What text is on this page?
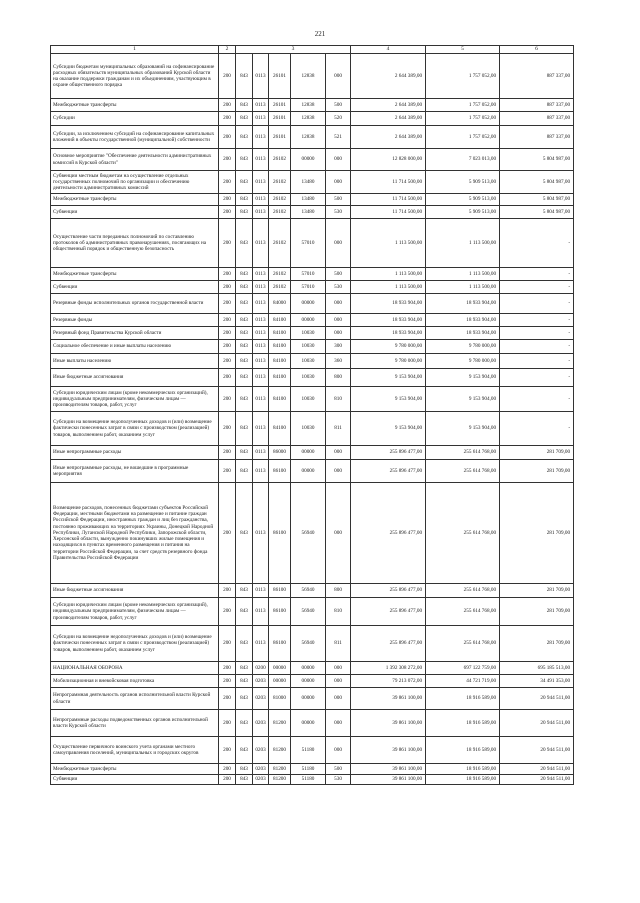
221
1	2	3					4	5	6
Субсидии бюджетам муниципальных образований на софинансирование расходных обязательств муниципальных образований Курской области на оказание поддержки гражданам и их объединениям, участвующим в охране общественного порядка	200	843	0113	26101	12838	000	2 644 389,00	1 757 052,00	887 337,00
Межбюджетные трансферты	200	843	0113	26101	12838	500	2 644 389,00	1 757 052,00	887 337,00
Субсидии	200	843	0113	26101	12838	520	2 644 389,00	1 757 052,00	887 337,00
Субсидии, за исключением субсидий на софинансирование капитальных вложений в объекты государственной (муниципальной) собственности	200	843	0113	26101	12838	521	2 644 389,00	1 757 052,00	887 337,00
Основное мероприятие "Обеспечение деятельности административных комиссий в Курской области"	200	843	0113	26102	00000	000	12 828 000,00	7 023 013,00	5 804 987,00
Субвенции местным бюджетам на осуществление отдельных государственных полномочий по организации и обеспечению деятельности административных комиссий	200	843	0113	26102	13480	000	11 714 500,00	5 909 513,00	5 804 987,00
Межбюджетные трансферты	200	843	0113	26102	13480	500	11 714 500,00	5 909 513,00	5 804 987,00
Субвенции	200	843	0113	26102	13480	530	11 714 500,00	5 909 513,00	5 804 987,00
Осуществление части переданных полномочий по составлению протоколов об административных правонарушениях, посягающих на общественный порядок и общественную безопасность	200	843	0113	26102	57010	000	1 113 500,00	1 113 500,00	-
Межбюджетные трансферты	200	843	0113	26102	57010	500	1 113 500,00	1 113 500,00	-
Субвенции	200	843	0113	26102	57010	530	1 113 500,00	1 113 500,00	-
Резервные фонды исполнительных органов государственной власти	200	843	0113	84000	00000	000	18 933 904,00	18 933 904,00	-
Резервные фонды	200	843	0113	84100	00000	000	18 933 904,00	18 933 904,00	-
Резервный фонд Правительства Курской области	200	843	0113	84100	10030	000	18 933 904,00	18 933 904,00	-
Социальное обеспечение и иные выплаты населению	200	843	0113	84100	10030	300	9 780 000,00	9 780 000,00	-
Иные выплаты населению	200	843	0113	84100	10030	360	9 780 000,00	9 780 000,00	-
Иные бюджетные ассигнования	200	843	0113	84100	10030	800	9 153 904,00	9 153 904,00	-
Субсидии юридическим лицам (кроме некоммерческих организаций), индивидуальным предпринимателям, физическим лицам — производителям товаров, работ, услуг	200	843	0113	84100	10030	810	9 153 904,00	9 153 904,00	-
Субсидии на возмещение недополученных доходов и (или) возмещение фактически понесенных затрат в связи с производством (реализацией) товаров, выполнением работ, оказанием услуг	200	843	0113	84100	10030	811	9 153 904,00	9 153 904,00	-
Иные непрограммные расходы	200	843	0113	86000	00000	000	255 896 477,00	255 614 768,00	281 709,00
Иные непрограммные расходы, не вошедшие в программные мероприятия	200	843	0113	86100	00000	000	255 896 477,00	255 614 768,00	281 709,00
Возмещение расходов, понесенных бюджетами субъектов Российской Федерации, местными бюджетами на размещение и питание граждан Российской Федерации, иностранных граждан и лиц без гражданства, постоянно проживающих на территориях Украины, Донецкой Народной Республики, Луганской Народной Республики, Запорожской области, Херсонской области, вынужденно покинувших жилые помещения и находящихся в пунктах временного размещения и питания на территории Российской Федерации, за счет средств резервного фонда Правительства Российской Федерации	200	843	0113	86100	56940	000	255 896 477,00	255 614 768,00	281 709,00
Иные бюджетные ассигнования	200	843	0113	86100	56940	800	255 896 477,00	255 614 768,00	281 709,00
Субсидии юридическим лицам (кроме некоммерческих организаций), индивидуальным предпринимателям, физическим лицам — производителям товаров, работ, услуг	200	843	0113	86100	56940	810	255 896 477,00	255 614 768,00	281 709,00
Субсидии на возмещение недополученных доходов и (или) возмещение фактически понесенных затрат в связи с производством (реализацией) товаров, выполнением работ, оказанием услуг	200	843	0113	86100	56940	811	255 896 477,00	255 614 768,00	281 709,00
НАЦИОНАЛЬНАЯ ОБОРОНА	200	843	0200	00000	00000	000	1 392 308 272,00	697 122 759,00	695 185 513,00
Мобилизационная и вневойсковая подготовка	200	843	0203	00000	00000	000	79 213 072,00	44 721 719,00	34 491 353,00
Непрограммная деятельность органов исполнительной власти Курской области	200	843	0203	81000	00000	000	39 861 100,00	18 916 589,00	20 944 511,00
Непрограммные расходы подведомственных органов исполнительной власти Курской области	200	843	0203	81200	00000	000	39 861 100,00	18 916 589,00	20 944 511,00
Осуществление первичного воинского учета органами местного самоуправления поселений, муниципальных и городских округов	200	843	0203	81200	51180	000	39 861 100,00	18 916 589,00	20 944 511,00
Межбюджетные трансферты	200	843	0203	81200	51180	500	39 861 100,00	18 916 589,00	20 944 511,00
Субвенции	200	843	0203	81200	51180	530	39 861 100,00	18 916 589,00	20 944 511,00
